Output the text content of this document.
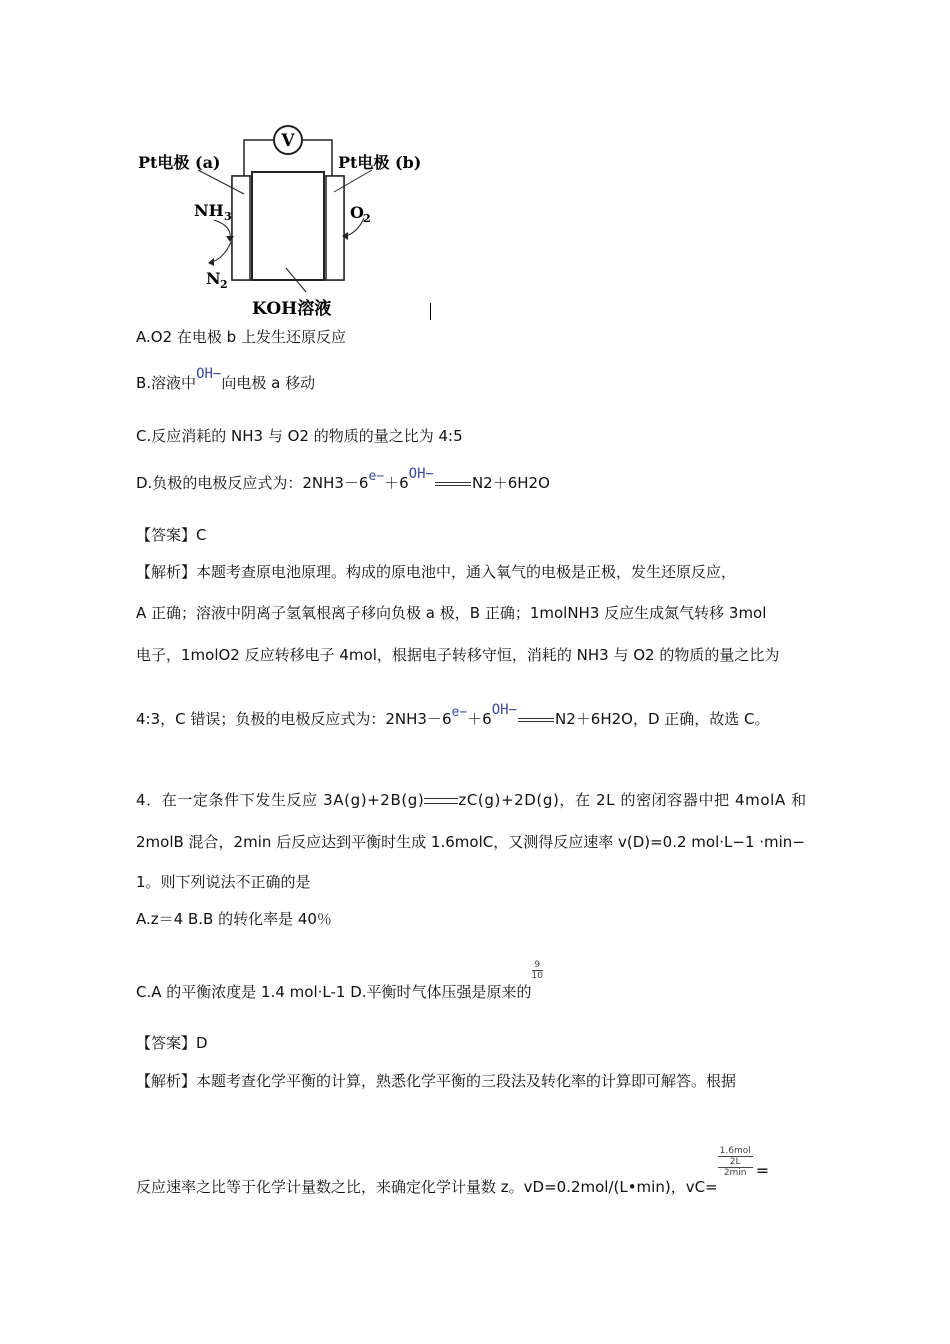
V
Pt电极 (a)	Pt电极 (b)
NH 3	O 2
N 2
KOH溶液
A.O2 在电极 b 上发生还原反应
B.溶液中OH−向电极 a 移动
C.反应消耗的 NH3 与 O2 的物质的量之比为 4:5
D.负极的电极反应式为：2NH3－6e−＋6OH−	N2＋6H2O
【答案】C
【解析】本题考查原电池原理。构成的原电池中，通入氧气的电极是正极，发生还原反应，
A 正确；溶液中阴离子氢氧根离子移向负极 a 极，B 正确；1molNH3 反应生成氮气转移 3mol
电子，1molO2 反应转移电子 4mol，根据电子转移守恒，消耗的 NH3 与 O2 的物质的量之比为
4:3，C 错误；负极的电极反应式为：2NH3－6e−＋6OH−	N2＋6H2O，D 正确，故选 C。
4．在一定条件下发生反应 3A(g)+2B(g) zC(g)+2D(g)，在 2L 的密闭容器中把 4molA 和
2molB 混合，2min 后反应达到平衡时生成 1.6molC，又测得反应速率 v(D)=0.2 mol·L−1 ·min−
1。则下列说法不正确的是
A.z＝4 B.B 的转化率是 40％
C.A 的平衡浓度是 1.4 mol·L-1 D.平衡时气体压强是原来的
$\frac{9}{10}$
【答案】D
【解析】本题考查化学平衡的计算，熟悉化学平衡的三段法及转化率的计算即可解答。根据
反应速率之比等于化学计量数之比，来确定化学计量数 z。vD=0.2mol/(L•min)，vC=
1.6mol
2L
2min =
